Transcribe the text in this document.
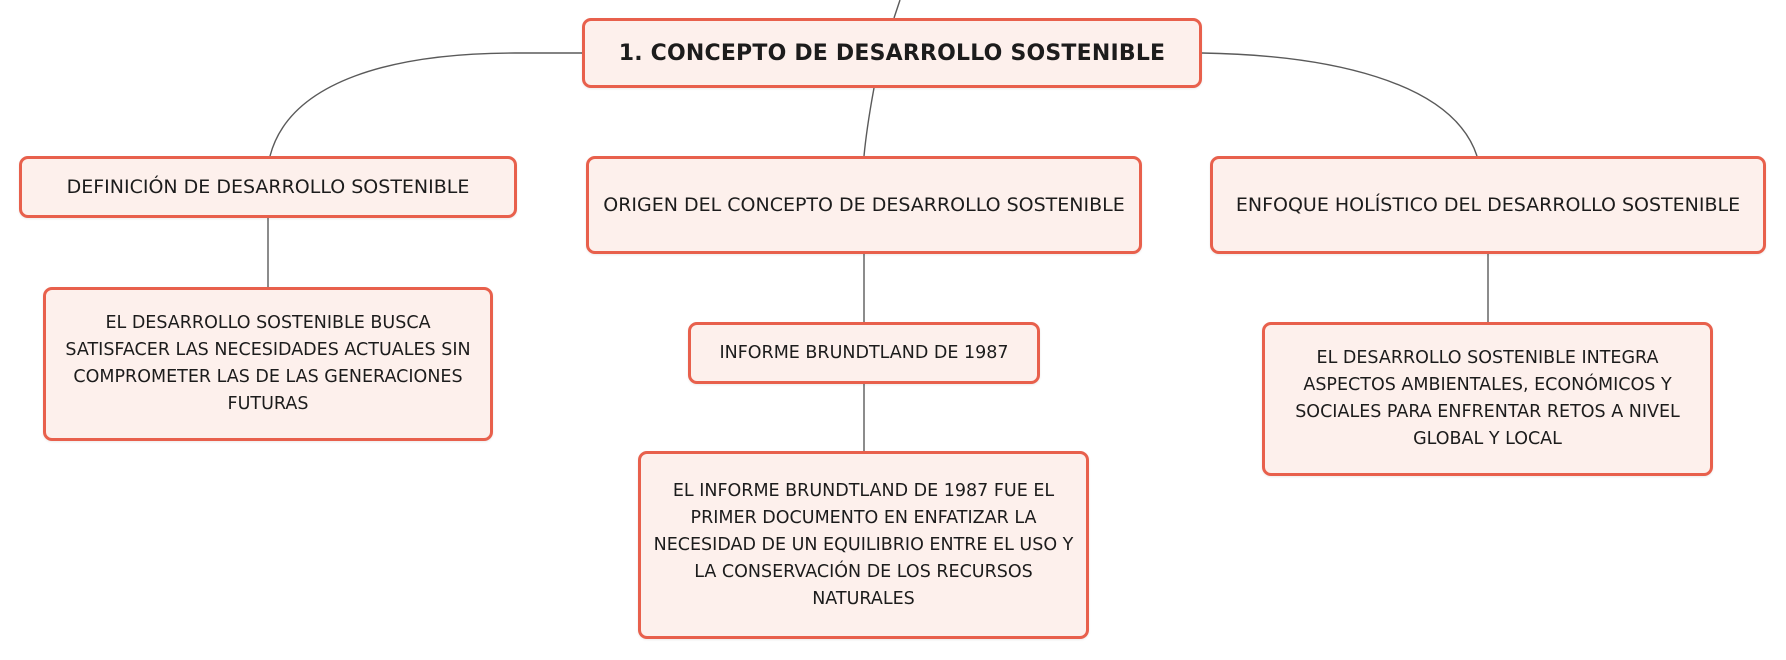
1. CONCEPTO DE DESARROLLO SOSTENIBLE
DEFINICIÓN DE DESARROLLO SOSTENIBLE
ORIGEN DEL CONCEPTO DE DESARROLLO SOSTENIBLE	ENFOQUE HOLÍSTICO DEL DESARROLLO SOSTENIBLE
EL DESARROLLO SOSTENIBLE BUSCA SATISFACER LAS NECESIDADES ACTUALES SIN COMPROMETER LAS DE LAS GENERACIONES FUTURAS
INFORME BRUNDTLAND DE 1987
EL INFORME BRUNDTLAND DE 1987 FUE EL PRIMER DOCUMENTO EN ENFATIZAR LA NECESIDAD DE UN EQUILIBRIO ENTRE EL USO Y LA CONSERVACIÓN DE LOS RECURSOS NATURALES
EL DESARROLLO SOSTENIBLE INTEGRA ASPECTOS AMBIENTALES, ECONÓMICOS Y SOCIALES PARA ENFRENTAR RETOS A NIVEL GLOBAL Y LOCAL
